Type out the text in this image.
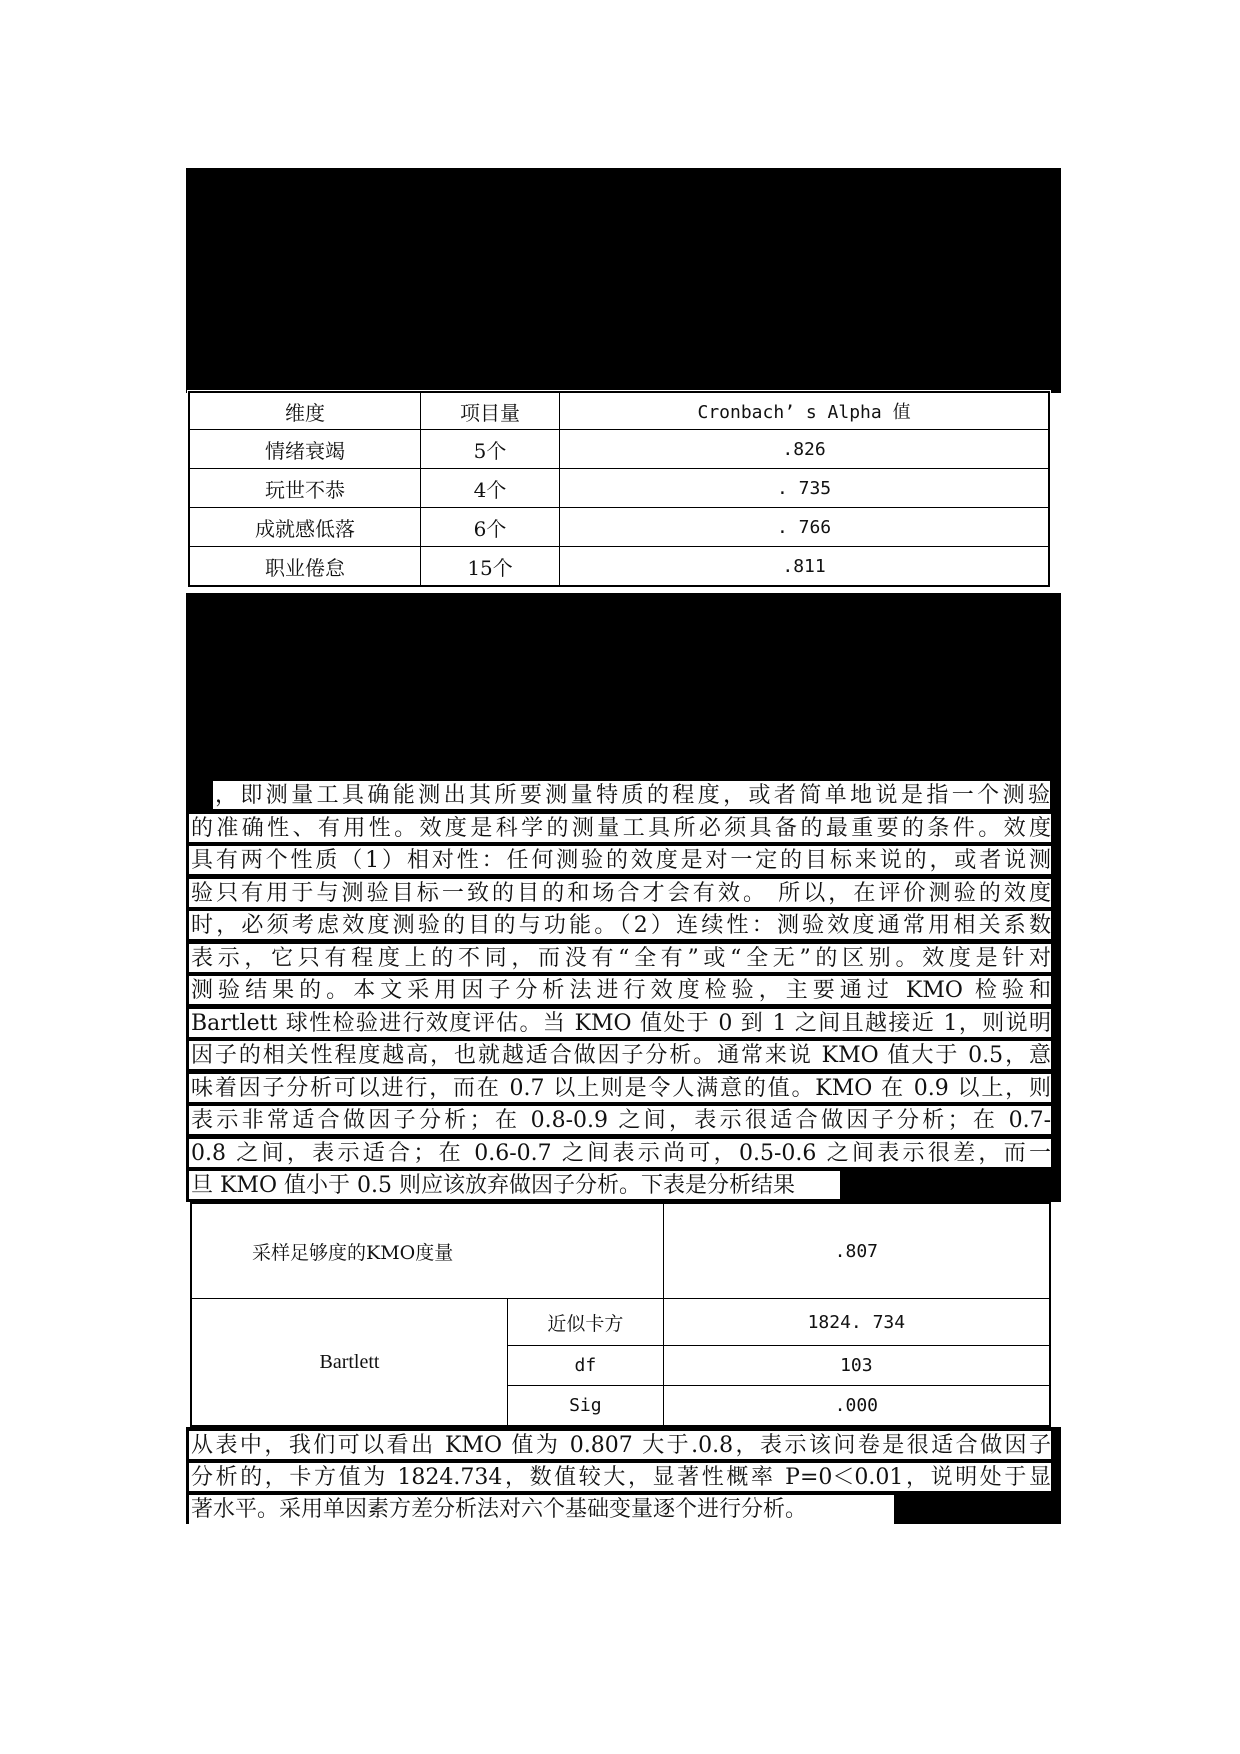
维度	项目量	Cronbach’ s Alpha 值
情绪衰竭	5个	.826
玩世不恭	4个	. 735
成就感低落	6个	. 766
职业倦怠	15个	.811
，即测量工具确能测出其所要测量特质的程度，或者简单地说是指一个测验
的准确性、有用性。效度是科学的测量工具所必须具备的最重要的条件。效度
具有两个性质（1）相对性：任何测验的效度是对一定的目标来说的，或者说测
验只有用于与测验目标一致的目的和场合才会有效。 所以，在评价测验的效度
时，必须考虑效度测验的目的与功能。（2）连续性：测验效度通常用相关系数
表示，它只有程度上的不同，而没有“全有”或“全无”的区别。效度是针对
测验结果的。本文采用因子分析法进行效度检验，主要通过 KMO 检验和
Bartlett 球性检验进行效度评估。当 KMO 值处于 0 到 1 之间且越接近 1，则说明
因子的相关性程度越高，也就越适合做因子分析。通常来说 KMO 值大于 0.5，意
味着因子分析可以进行，而在 0.7 以上则是令人满意的值。KMO 在 0.9 以上，则
表示非常适合做因子分析；在 0.8-0.9 之间，表示很适合做因子分析；在 0.7-
0.8 之间，表示适合；在 0.6-0.7 之间表示尚可，0.5-0.6 之间表示很差，而一
旦 KMO 值小于 0.5 则应该放弃做因子分析。下表是分析结果
采样足够度的KMO度量		.807
Bartlett	近似卡方	1824. 734
	df	103
	Sig	.000
从表中，我们可以看出 KMO 值为 0.807 大于.0.8，表示该问卷是很适合做因子
分析的，卡方值为 1824.734，数值较大，显著性概率 P=0＜0.01，说明处于显
著水平。采用单因素方差分析法对六个基础变量逐个进行分析。
